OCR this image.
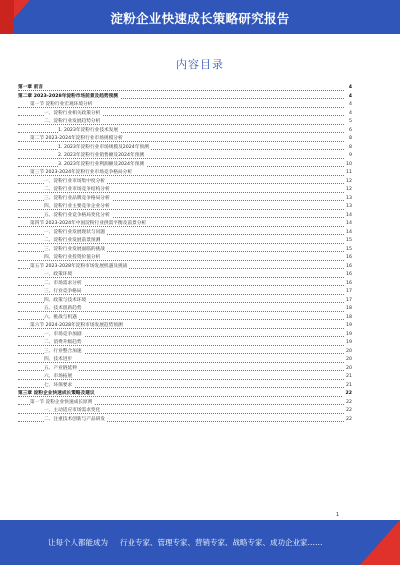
淀粉企业快速成长策略研究报告
内容目录
第一章 前言	4
第二章 2023-2028年淀粉市场前景及趋势预测	4
第一节 淀粉行业宏观环境分析	4
一、淀粉行业相关政策分析	4
二、淀粉行业发展趋势分析	5
1. 2023年淀粉行业技术发展	6
第二节 2023-2024年淀粉行业市场规模分析	8
1. 2023年淀粉行业市场规模及2024年预测	8
2. 2023年淀粉行业销售额及2024年预测	9
3. 2023年淀粉行业利润额及2024年预测	10
第三节 2023-2024年淀粉行业市场竞争格局分析	11
一、淀粉行业市场集中度分析	12
二、淀粉行业市场竞争结构分析	12
三、淀粉行业品牌竞争格局分析	13
四、淀粉行业主要竞争企业分析	13
五、淀粉行业竞争格局变化分析	14
第四节 2023-2024年中国淀粉行业供需平衡及前景分析	14
一、淀粉行业发展现状与问题	14
二、淀粉行业发展前景预测	15
三、淀粉行业发展面临的挑战	15
四、淀粉行业投资价值分析	16
第五节 2023-2028年淀粉市场发展机遇及挑战	16
一、政策环境	16
二、市场需求分析	16
三、行业竞争格局	17
四、政策与技术环境	17
五、技术创新趋势	18
六、挑战与机遇	18
第六节 2024-2028年淀粉市场发展趋势预测	19
一、市场竞争加剧	19
二、消费升级趋势	19
三、行业整合加速	20
四、技术进步	20
五、产业链延伸	20
六、市场拓展	21
七、环保要求	21
第三章 淀粉企业快速成长策略及建议	22
第一节 淀粉企业快速成长原则	22
一、主动适应市场需求变化	22
二、注重技术创新与产品研发	22
1
让每个人都能成为 行业专家、管理专家、营销专家、战略专家、成功企业家……
